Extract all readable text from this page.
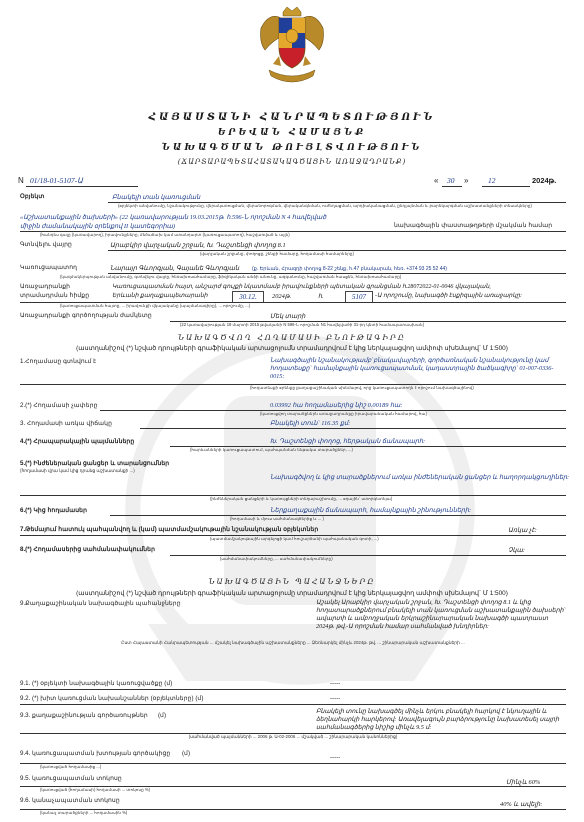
ՀԱՅԱՍՏԱՆԻ ՀԱՆՐԱՊԵՏՈՒԹՅՈՒՆ
ԵՐԵՎԱՆ ՀԱՄԱՅՆՔ
ՆԱԽԱԳԾՄԱՆ ԹՈՒՅԼՏՎՈՒԹՅՈՒՆ
(ՃԱՐՏԱՐԱՊԵՏԱՀԱՏԱԿԱԳԾԱՅԻՆ ԱՌԱՋԱԴՐԱՆՔ)
N 01/18-01-5107-Ա	« 30 »	12	2024թ.
Օբյեկտ	Բնակելի տան կառուցման
(օբյեկտի անվանումը, նշանակությունը, վերակառուցման, վերանորոգման, վերականգնման, ուժեղացման, արդիականացման, ընդլայնման և բարեկարգման աշխատանքների տեսակները)
«Աշխատանքային ծախսերի» (22 կառավարության 19.03.2015թ. հ.596-Ն որոշման N 4 հավելված
միջին ժամանակային օրենքով II կատեգորիա)	նախագծային փաստաթղթերի մշակման համար
(հանդես գալը (կառավարող), իրավունքները, մեծածախ կամ ստանդարտ (կառուցապատող), հաշվառված և այլն)
Գտնվելու վայրը	Արաբկիր վարչական շրջան, Խ. Դաշտենցի փողոց 8.1
(վարչական շրջանը, փողոցը, շենքի համարը, հողամասի համարները)
Կառուցապատող	Նարայր Գևորգյան, Գայանե Գևորգյան	(ք. Երևան, Հրազդի փողոց 8-22 շենք, հ.47 բնակարան, հեռ. +374 93 25 52 44)
(կազմակերպության անվանումը, գտնվելու վայրը, հեռախոսահամարը, ֆիզիկական անձի անունը, ազգանունը, հաշվառման հասցեն, հեռախոսահամարը)
Առաջադրանքի
տրամադրման հիմքը
Կառուցապատման հայտ, անշարժ գույքի նկատմամբ իրավունքների պետական գրանցման հ.28072022-01-0046 վկայական,
Երևանի քաղաքապետարանի	30.12.	2024թ.	հ.	5107	-Ա որոշումը, նախագծի էսքիզային առաջարկը:
(կառուցապատման հայտը, ... իրավունքի վկայականը (պայմանագիրը), ... որոշումը, ...)
Առաջադրանքի գործողության ժամկետը	Մեկ տարի
(22 կառավարության 19 մարտի 2015 թվականի N 596-Ն որոշման N1 հավելվածի 31-րդ կետի համապատասխան)
ՆԱԽԱԳԾՎՈՂ ՀՈՂԱՄԱՍԻ ԲՆՈՒԹԱԳԻՐԸ
(աստղանիշով (*) նշված դրույթների գրաֆիկական արտացոլումն տրամադրվում է կից ներկայացվող ամփոփ սխեմայով` Մ 1:500)
1.Հողամասը գտնվում է	Նախագծային նշանակությամբ`բնակավայրերի, գործառնական նշանակությունը կամ հողատեսքը` համայնքային կառուցապատման, կադաստրային ծածկագիրը` 01-007-0336-0015:
(հողատեսքի օրենքը քաղաքաշինական սխեմայով, որը կառուցապատողն է որոշում նախագծայինով)
2.(*) Հողամասի չափերը	0.03992 հա հողամասերից նիշ 0.00189 հա:
(կառուցվող տարածքներն առաջադրանքը իրավաբանական համարով, հա)
3. Հողամասի առկա վիճակը	Բնակելի տուն` 116.35 քմ:
4.(*) Հրապարակային պայմանները	Խ. Դաշտենցի փողոց, հերթական ճանապարհ:
(հարևանների կառուցապատում, պահպանման ենթակա տարածքներ, ...)
5.(*) Ինժեներական ցանցեր և տարանցումներ
(հողամասի վրա կամ կից դրանց աշխատանքի ...)
Նախագծվող և կից տարածքներում առկա ինժեներական ցանցեր և հաղորդակցուղիներ:
(ինժեներական ցանցերի և կառույցների տեղաբաշխումը, ... օդային` ստորգետնյա)
6.(*) Կից հողամասեր	Ներքաղաքային ճանապարհ, համայնքային շինությունների:
(հողամասի և մյուս սահմանագծերից և ... )
7.Թեմայում հատուկ պահպանվող և (կամ) պատմամշակութային նշանակության օբյեկտներ	Առկա չէ:
(պատմամշակութային արգելոցի կամ հուշարձանի պահպանական գոտի, ...)
8.(*) Հողամասերից սահմանափակումներ	Չկա:
(սահմանափակումները, ... սահմանափակումները)
ՆԱԽԱԳԾԱՅԻՆ ՊԱՀԱՆՋՆԵՐԸ
(աստղանիշով (*) նշված դրույթների գրաֆիկական արտացոլումը տրամադրվում է կից ներկայացվող ամփոփ սխեմայով` Մ 1:500)
9.Քաղաքաշինական նախագծային պահանջները	Աշակել Արաբկիր վարչական շրջան, Խ. Դաշտենցի փողոց 8.1 և կից հողատարածքներում բնակելի տան կառուցման աշխատանքային ծախսերի` ավարտի և ամբողջական երկրաշինարարական նախագծի պատրաստ 2024թ. թվ.-Ա որոշման համար սահմանված խնդիրներ:
Ըստ Հայաստանի Հանրապետության ... մշակել նախագծային աշխատանքները ... Ձեռնարկել մինչև 2024թ. թվ. ... շինարարական աշխատանքների ...
9.1. (*) օբյեկտի նախագծային կառուցվածքը (մ)	-----
9.2. (*) խիտ կառուցման նախանշաններ (օբյեկտները) (մ)	-----
9.3. քաղաքաշինության գործառույթներ (մ)
Բնակելի տունը նախագծել մինչև երկու բնակելի հարկով է նկուղային և ձեղնահարկի հարկերով: Առավելագույն բարձրությունը նախատեսել սայրի սահմանագծերից նիշից մինչև 9.5 մ:
(սահմանված պայմանների ... 2006 թ. Ա-02-2006 ... մշակված ... շինարարական կանոններից)
9.4. կառուցապատման խտության գործակիցը (մ)
-----
(կառուցված հողամասից ...)
9.5. կառուցապատման տոկոսը
Մինչև 60%
(կառուցված (հողամասի) հողամասի ... տոկոսը %)
9.6. կանաչապատման տոկոսը
40% և ավելի:
(կանաչ տարածքների ... հողամասին %)
